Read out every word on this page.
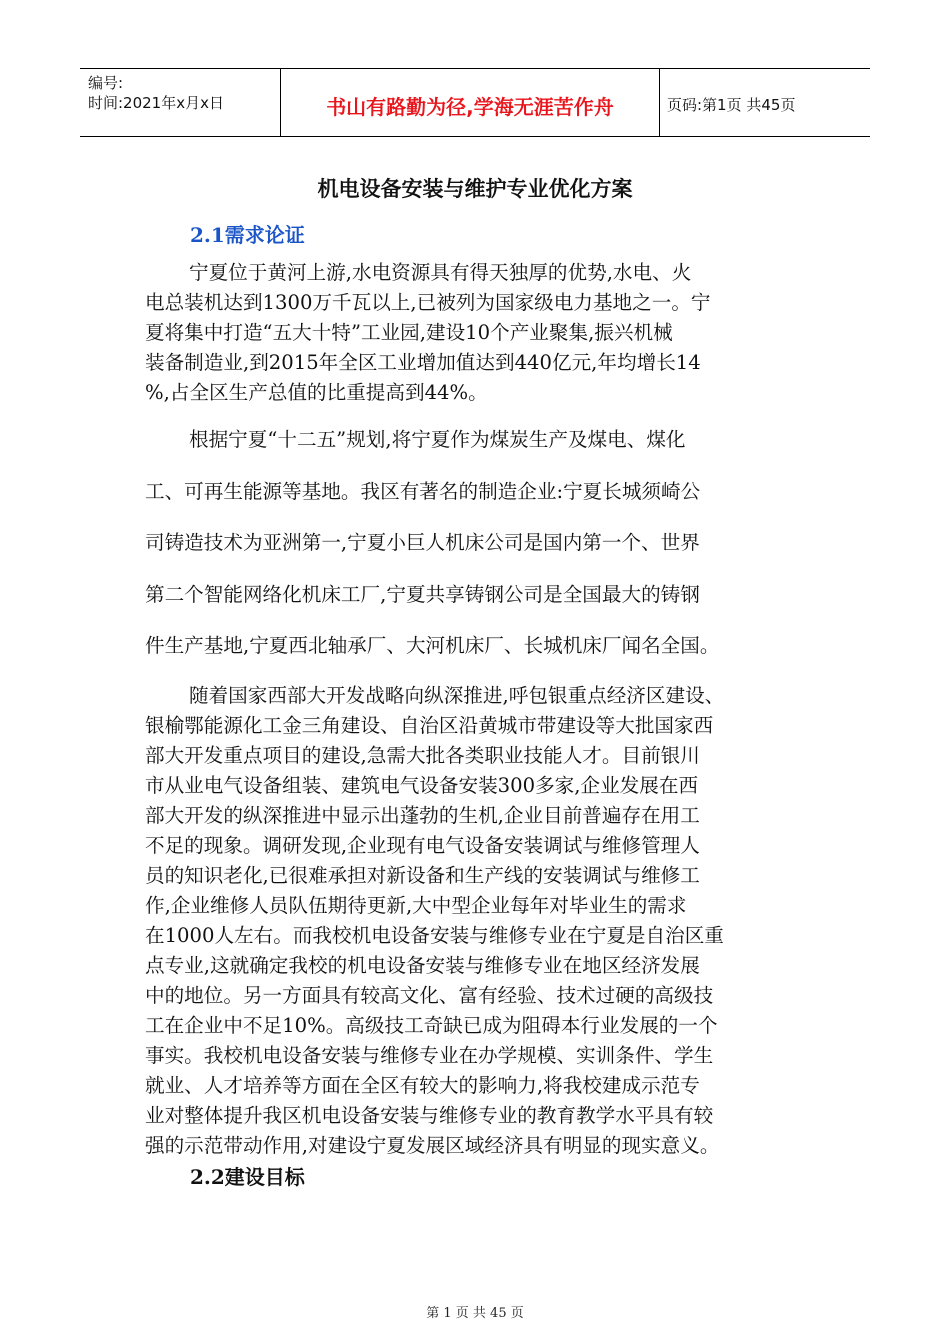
编号:
时间:2021年x月x日	书山有路勤为径,学海无涯苦作舟	页码:第1页 共45页
机电设备安装与维护专业优化方案
2.1需求论证
宁夏位于黄河上游,水电资源具有得天独厚的优势,水电、火
电总装机达到1300万千瓦以上,已被列为国家级电力基地之一。宁
夏将集中打造“五大十特”工业园,建设10个产业聚集,振兴机械
装备制造业,到2015年全区工业增加值达到440亿元,年均增长14
%,占全区生产总值的比重提高到44%。
根据宁夏“十二五”规划,将宁夏作为煤炭生产及煤电、煤化
工、可再生能源等基地。我区有著名的制造企业:宁夏长城须崎公
司铸造技术为亚洲第一,宁夏小巨人机床公司是国内第一个、世界
第二个智能网络化机床工厂,宁夏共享铸钢公司是全国最大的铸钢
件生产基地,宁夏西北轴承厂、大河机床厂、长城机床厂闻名全国。
随着国家西部大开发战略向纵深推进,呼包银重点经济区建设、
银榆鄂能源化工金三角建设、自治区沿黄城市带建设等大批国家西
部大开发重点项目的建设,急需大批各类职业技能人才。目前银川
市从业电气设备组装、建筑电气设备安装300多家,企业发展在西
部大开发的纵深推进中显示出蓬勃的生机,企业目前普遍存在用工
不足的现象。调研发现,企业现有电气设备安装调试与维修管理人
员的知识老化,已很难承担对新设备和生产线的安装调试与维修工
作,企业维修人员队伍期待更新,大中型企业每年对毕业生的需求
在1000人左右。而我校机电设备安装与维修专业在宁夏是自治区重
点专业,这就确定我校的机电设备安装与维修专业在地区经济发展
中的地位。另一方面具有较高文化、富有经验、技术过硬的高级技
工在企业中不足10%。高级技工奇缺已成为阻碍本行业发展的一个
事实。我校机电设备安装与维修专业在办学规模、实训条件、学生
就业、人才培养等方面在全区有较大的影响力,将我校建成示范专
业对整体提升我区机电设备安装与维修专业的教育教学水平具有较
强的示范带动作用,对建设宁夏发展区域经济具有明显的现实意义。
2.2建设目标
第 1 页 共 45 页
